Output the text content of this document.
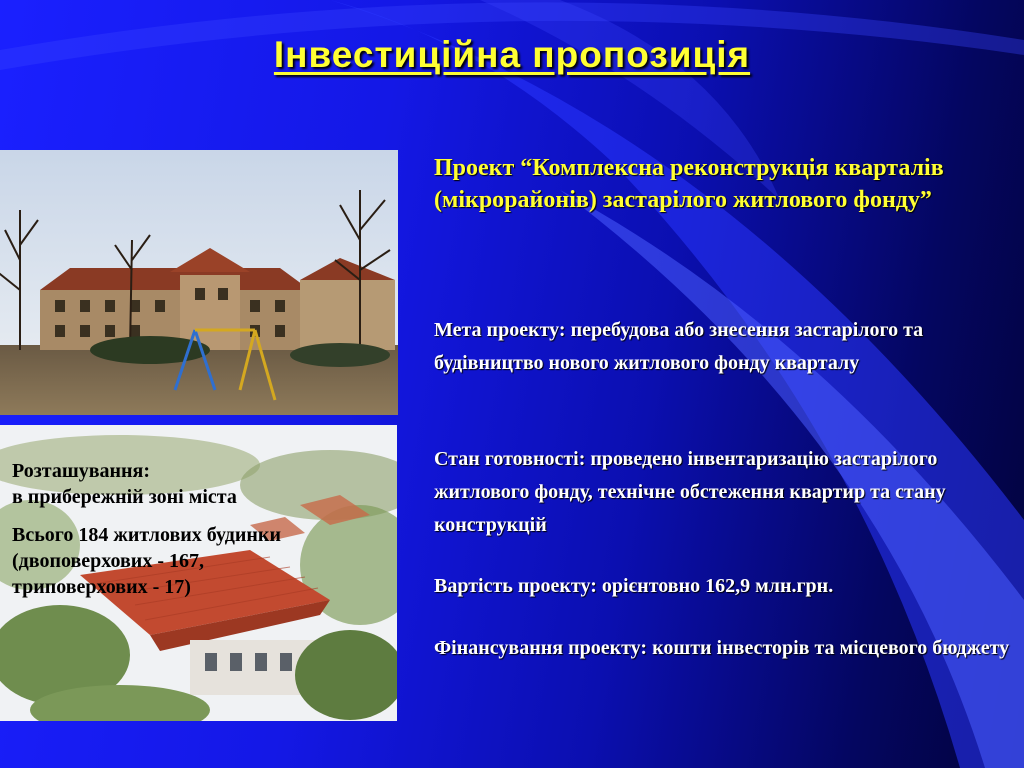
Інвестиційна пропозиція

Розташування:
в прибережній зоні міста

Всього 184 житлових будинки (двоповерхових - 167, триповерхових - 17)

Проект “Комплексна реконструкція кварталів (мікрорайонів) застарілого житлового фонду”
Мета проекту: перебудова або знесення застарілого та будівництво нового житлового фонду кварталу
Стан готовності: проведено інвентаризацію застарілого житлового фонду, технічне обстеження квартир та стану конструкцій
Вартість проекту: орієнтовно 162,9 млн.грн.
Фінансування проекту: кошти інвесторів та місцевого бюджету
